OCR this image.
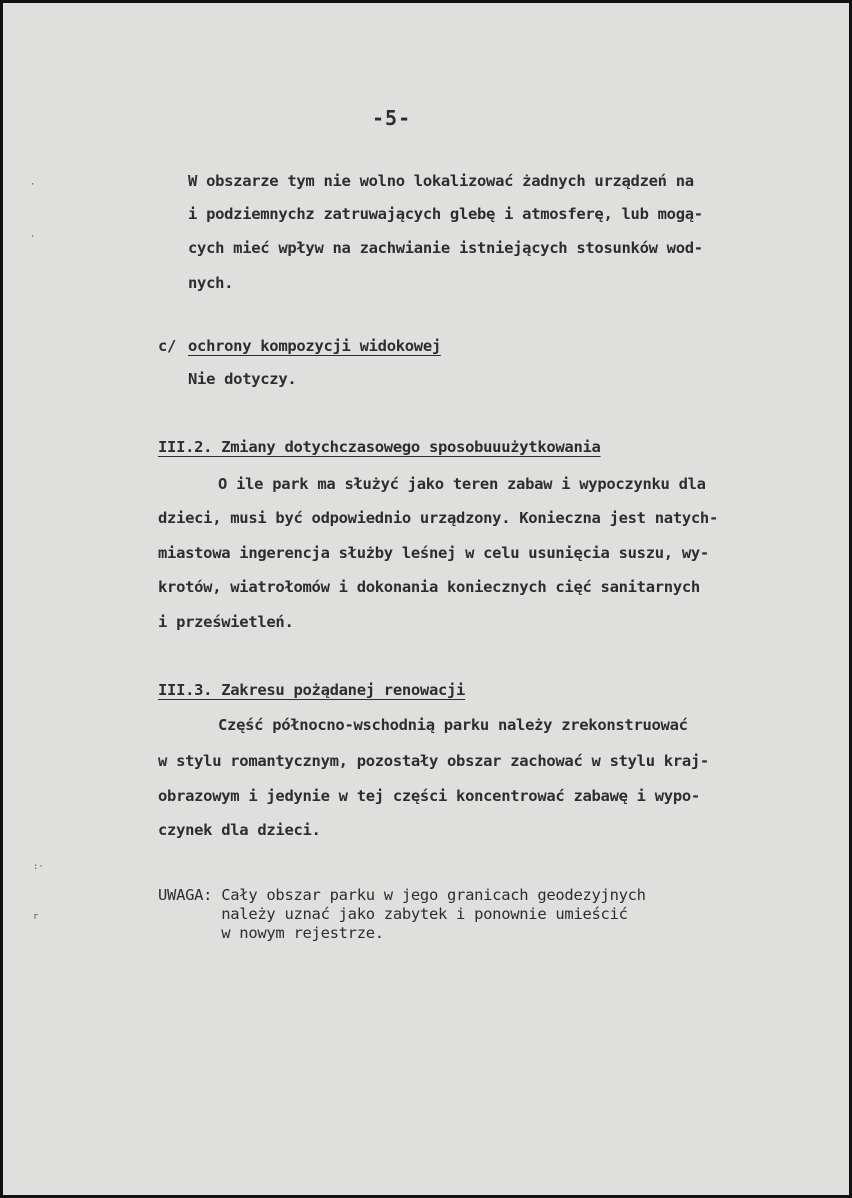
-5-
W obszarze tym nie wolno lokalizować żadnych urządzeń na
i podziemnychz zatruwających glebę i atmosferę, lub mogą-
cych mieć wpływ na zachwianie istniejących stosunków wod-
nych.
c/ ochrony kompozycji widokowej
Nie dotyczy.
III.2. Zmiany dotychczasowego sposobuuużytkowania
O ile park ma służyć jako teren zabaw i wypoczynku dla
dzieci, musi być odpowiednio urządzony. Konieczna jest natych-
miastowa ingerencja służby leśnej w celu usunięcia suszu, wy-
krotów, wiatrołomów i dokonania koniecznych cięć sanitarnych
i prześwietleń.
III.3. Zakresu pożądanej renowacji
Część północno-wschodnią parku należy zrekonstruować
w stylu romantycznym, pozostały obszar zachować w stylu kraj-
obrazowym i jedynie w tej części koncentrować zabawę i wypo-
czynek dla dzieci.
UWAGA: Cały obszar parku w jego granicach geodezyjnych
należy uznać jako zabytek i ponownie umieścić
w nowym rejestrze.
·
·
:·
r
